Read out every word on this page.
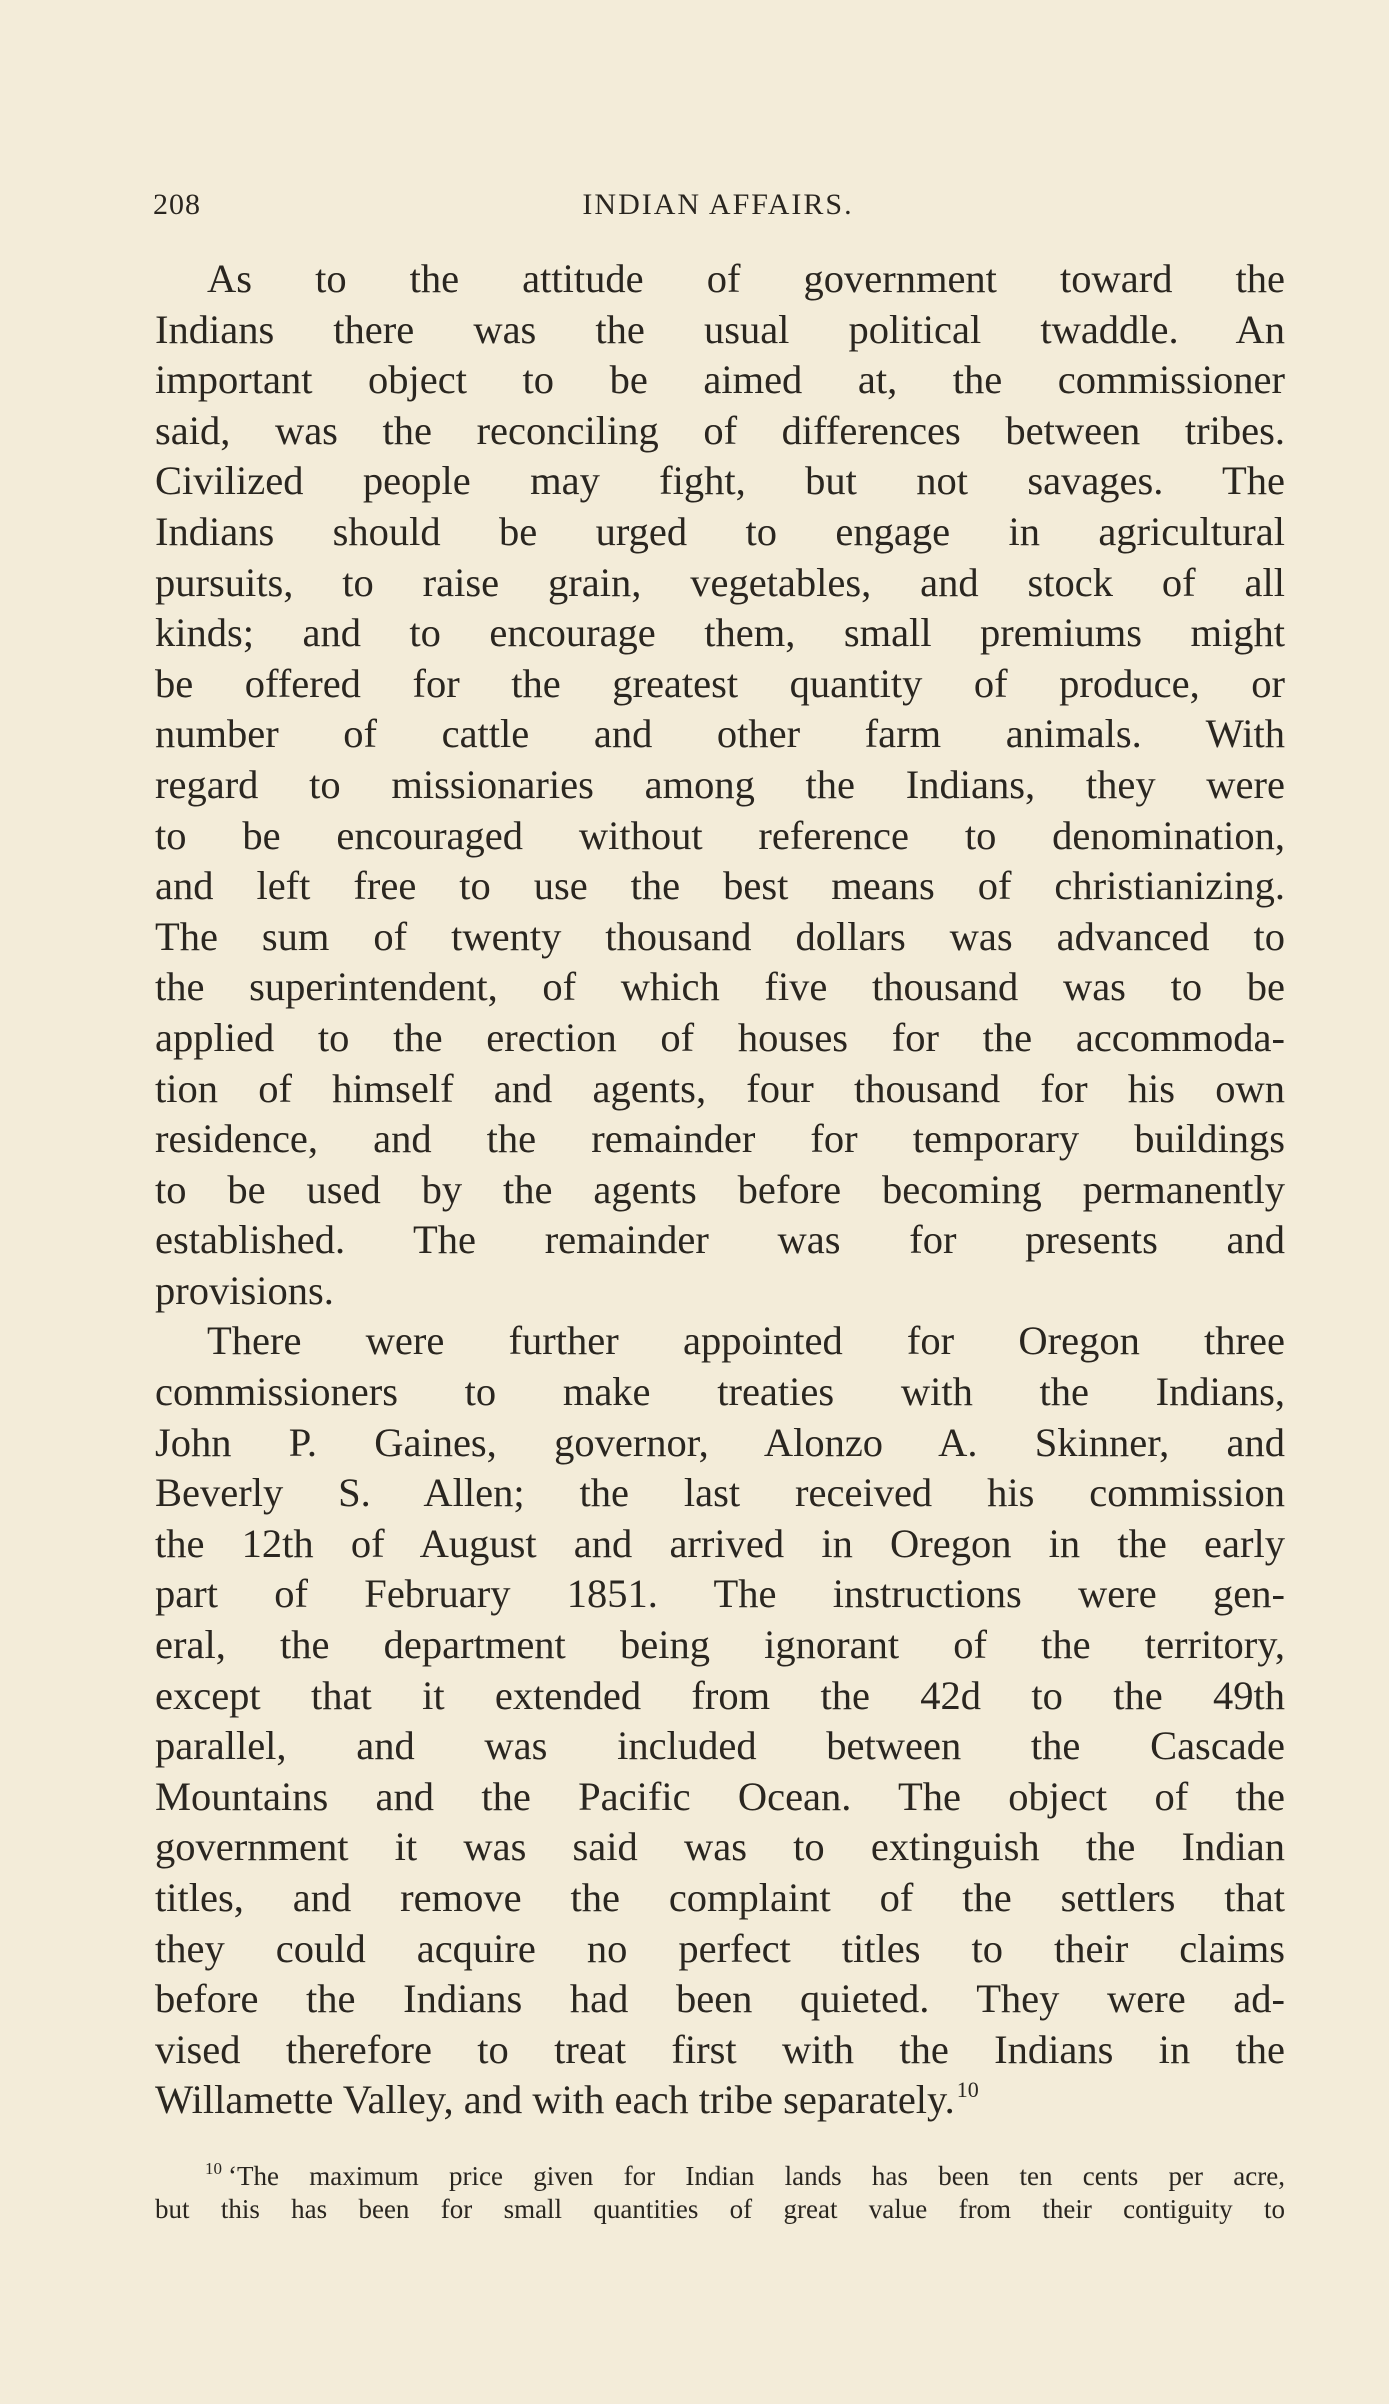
208	INDIAN AFFAIRS.
As to the attitude of government toward the
Indians there was the usual political twaddle. An
important object to be aimed at, the commissioner
said, was the reconciling of differences between tribes.
Civilized people may fight, but not savages. The
Indians should be urged to engage in agricultural
pursuits, to raise grain, vegetables, and stock of all
kinds; and to encourage them, small premiums might
be offered for the greatest quantity of produce, or
number of cattle and other farm animals. With
regard to missionaries among the Indians, they were
to be encouraged without reference to denomination,
and left free to use the best means of christianizing.
The sum of twenty thousand dollars was advanced to
the superintendent, of which five thousand was to be
applied to the erection of houses for the accommoda-
tion of himself and agents, four thousand for his own
residence, and the remainder for temporary buildings
to be used by the agents before becoming permanently
established. The remainder was for presents and
provisions.
There were further appointed for Oregon three
commissioners to make treaties with the Indians,
John P. Gaines, governor, Alonzo A. Skinner, and
Beverly S. Allen; the last received his commission
the 12th of August and arrived in Oregon in the early
part of February 1851. The instructions were gen-
eral, the department being ignorant of the territory,
except that it extended from the 42d to the 49th
parallel, and was included between the Cascade
Mountains and the Pacific Ocean. The object of the
government it was said was to extinguish the Indian
titles, and remove the complaint of the settlers that
they could acquire no perfect titles to their claims
before the Indians had been quieted. They were ad-
vised therefore to treat first with the Indians in the
Willamette Valley, and with each tribe separately.$^{10}$
$^{10}$ ‘The maximum price given for Indian lands has been ten cents per acre,
but this has been for small quantities of great value from their contiguity to
